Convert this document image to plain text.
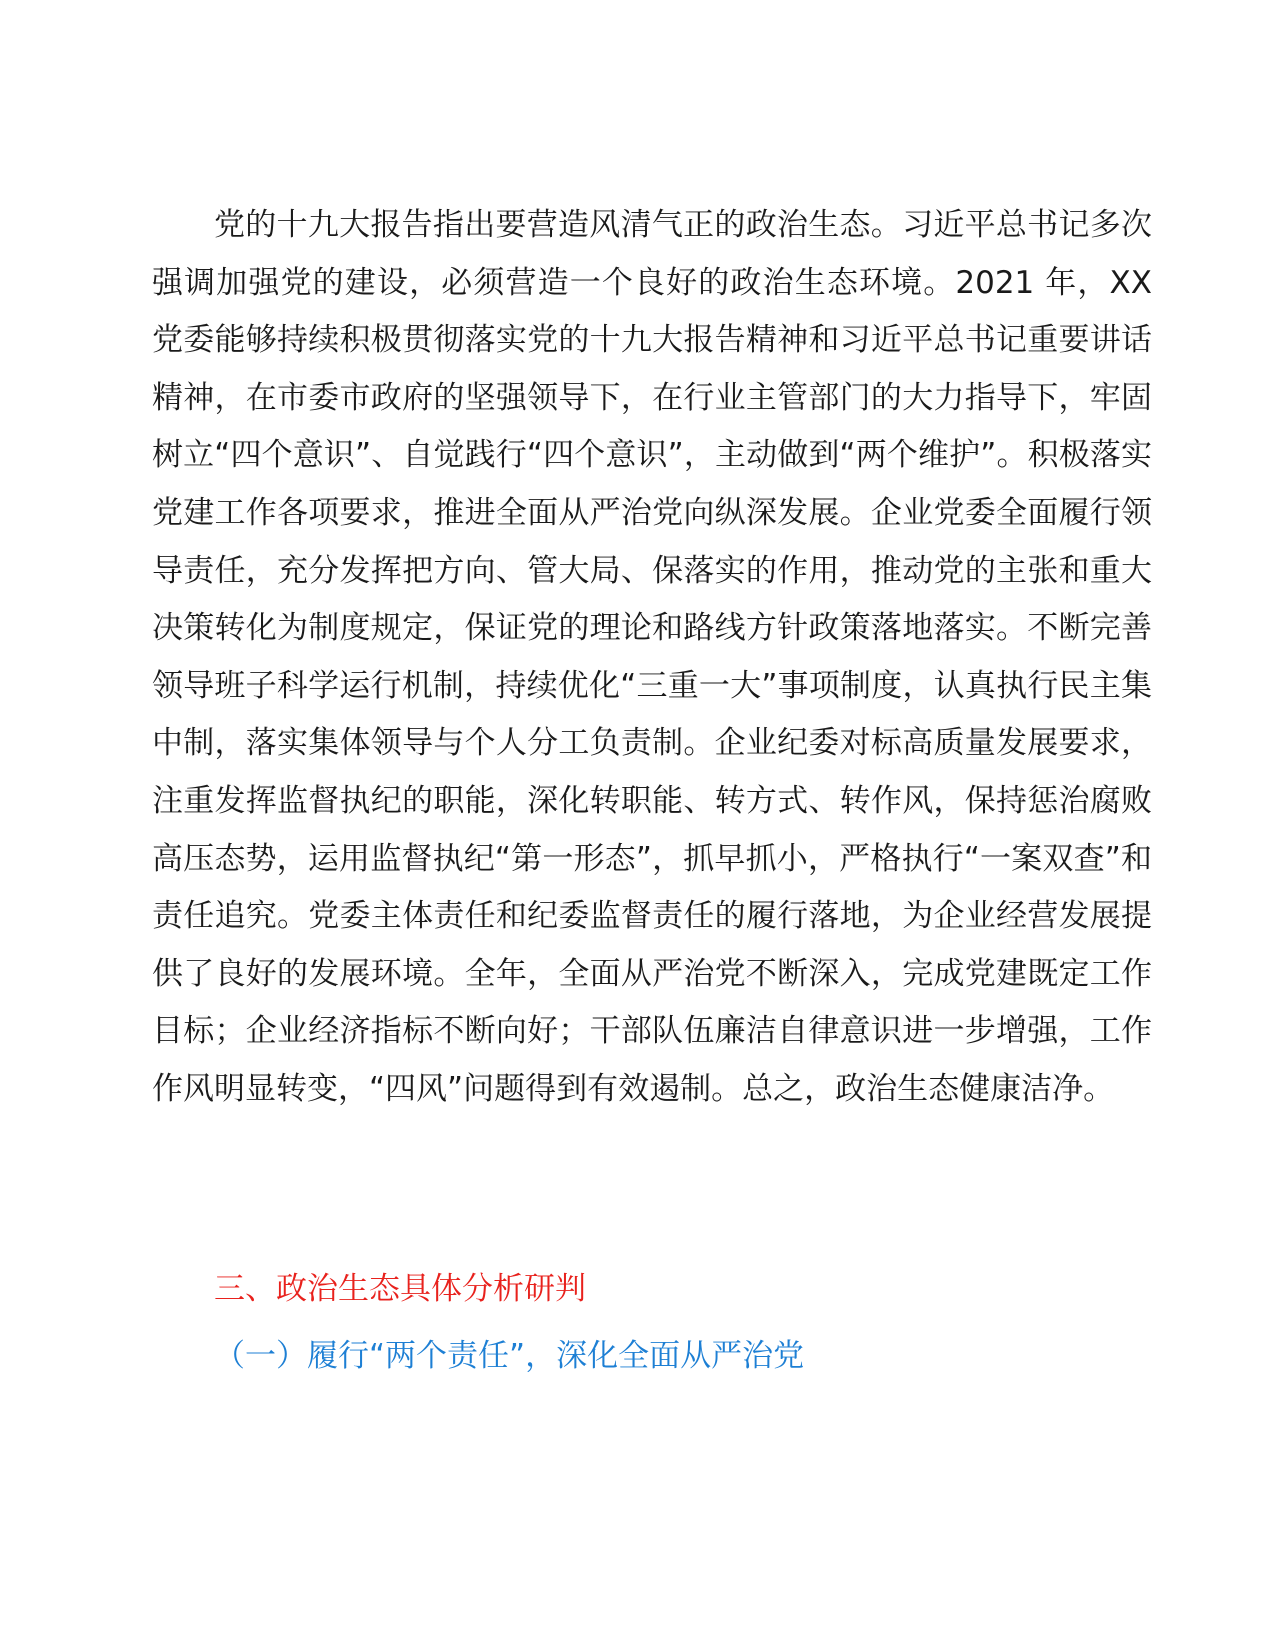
党的十九大报告指出要营造风清气正的政治生态。习近平总书记多次强调加强党的建设，必须营造一个良好的政治生态环境。2021 年，XX 党委能够持续积极贯彻落实党的十九大报告精神和习近平总书记重要讲话精神，在市委市政府的坚强领导下，在行业主管部门的大力指导下，牢固树立“四个意识”、自觉践行“四个意识”，主动做到“两个维护”。积极落实党建工作各项要求，推进全面从严治党向纵深发展。企业党委全面履行领导责任，充分发挥把方向、管大局、保落实的作用，推动党的主张和重大决策转化为制度规定，保证党的理论和路线方针政策落地落实。不断完善领导班子科学运行机制，持续优化“三重一大”事项制度，认真执行民主集中制，落实集体领导与个人分工负责制。企业纪委对标高质量发展要求，注重发挥监督执纪的职能，深化转职能、转方式、转作风，保持惩治腐败高压态势，运用监督执纪“第一形态”，抓早抓小，严格执行“一案双查”和责任追究。党委主体责任和纪委监督责任的履行落地，为企业经营发展提供了良好的发展环境。全年，全面从严治党不断深入，完成党建既定工作目标；企业经济指标不断向好；干部队伍廉洁自律意识进一步增强，工作作风明显转变，“四风”问题得到有效遏制。总之，政治生态健康洁净。

三、政治生态具体分析研判
（一）履行“两个责任”，深化全面从严治党
